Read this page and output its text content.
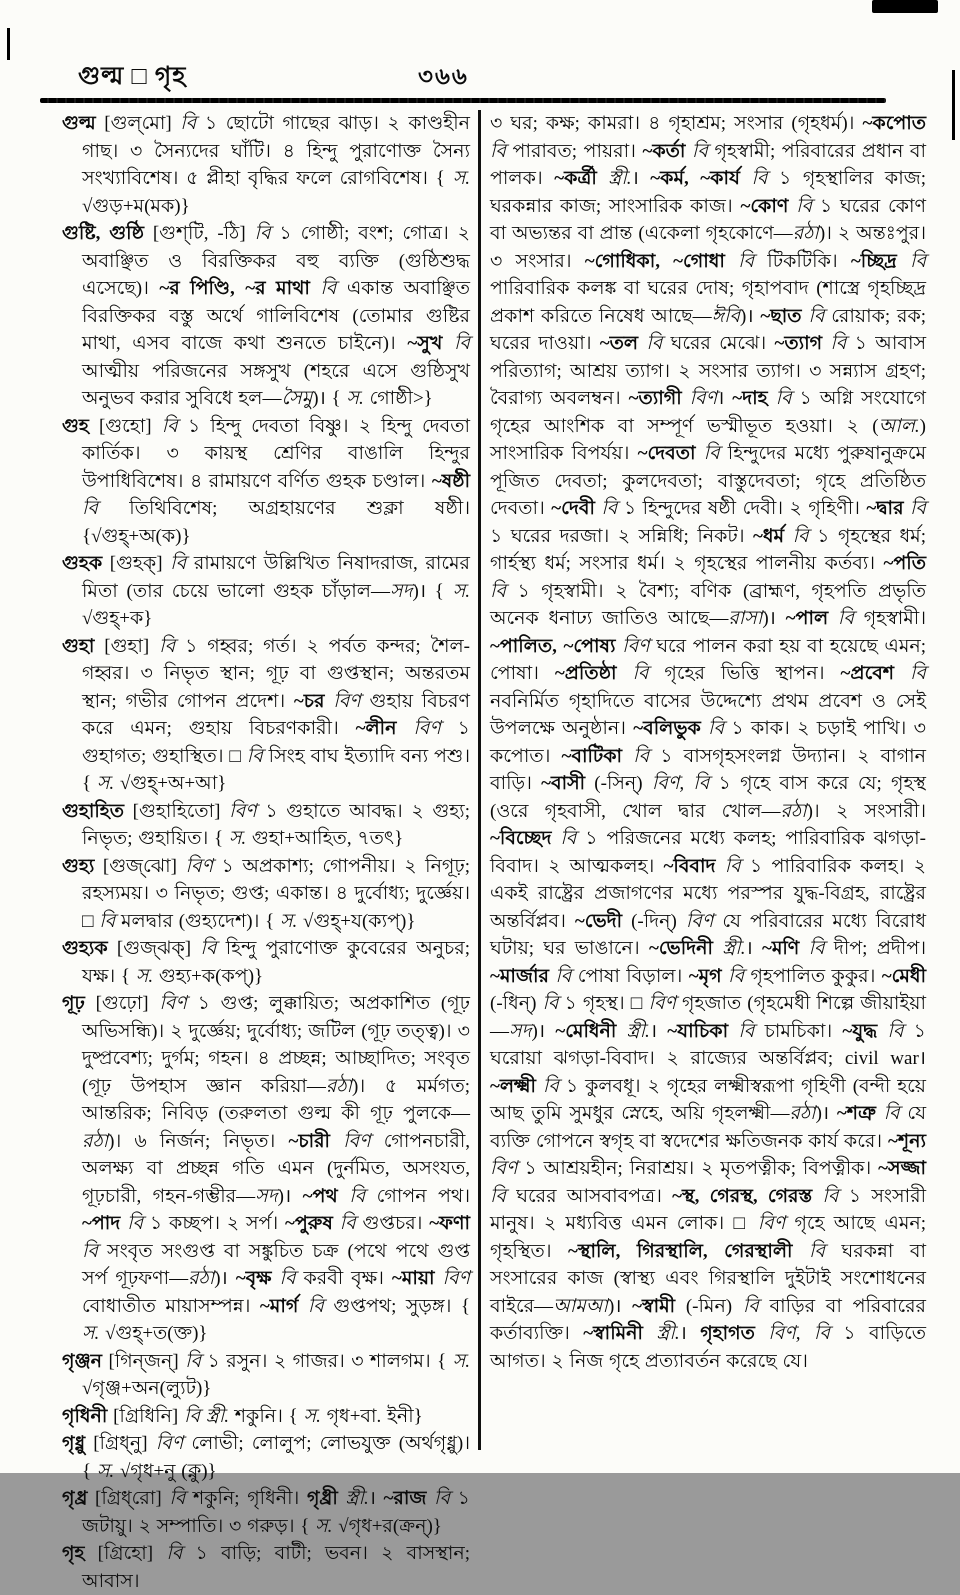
গুল্ম □ গৃহ	৩৬৬

গুল্ম [গুল্‌মো] বি ১ ছোটো গাছের ঝাড়। ২ কাণ্ডহীন গাছ। ৩ সৈন্যদের ঘাঁটি। ৪ হিন্দু পুরাণোক্ত সৈন্য সংখ্যাবিশেষ। ৫ প্লীহা বৃদ্ধির ফলে রোগবিশেষ। { স. √গুড়+ম(মক)}

গুষ্টি, গুষ্ঠি [গুশ্‌টি, -ঠি] বি ১ গোষ্ঠী; বংশ; গোত্র। ২ অবাঞ্ছিত ও বিরক্তিকর বহু ব্যক্তি (গুষ্ঠিশুদ্ধ এসেছে)। ~র পিণ্ডি, ~র মাথা বি একান্ত অবাঞ্ছিত বিরক্তিকর বস্তু অর্থে গালিবিশেষ (তোমার গুষ্টির মাথা, এসব বাজে কথা শুনতে চাইনে)। ~সুখ বি আত্মীয় পরিজনের সঙ্গসুখ (শহরে এসে গুষ্ঠিসুখ অনুভব করার সুবিধে হল—সৈমু)। { স. গোষ্ঠী>}

গুহ [গুহো] বি ১ হিন্দু দেবতা বিষ্ণু। ২ হিন্দু দেবতা কার্তিক। ৩ কায়স্থ শ্রেণির বাঙালি হিন্দুর উপাধিবিশেষ। ৪ রামায়ণে বর্ণিত গুহক চণ্ডাল। ~ষষ্ঠী বি তিথিবিশেষ; অগ্রহায়ণের শুক্লা ষষ্ঠী। {√গুহ্‌+অ(ক)}

গুহক [গুহক্] বি রামায়ণে উল্লিখিত নিষাদরাজ, রামের মিতা (তার চেয়ে ভালো গুহক চাঁড়াল—সদ)। { স. √গুহ্‌+ক}

গুহা [গুহা] বি ১ গহ্বর; গর্ত। ২ পর্বত কন্দর; শৈল-গহ্বর। ৩ নিভৃত স্থান; গূঢ় বা গুপ্তস্থান; অন্তরতম স্থান; গভীর গোপন প্রদেশ। ~চর বিণ গুহায় বিচরণ করে এমন; গুহায় বিচরণকারী। ~লীন বিণ ১ গুহাগত; গুহাস্থিত। □ বি সিংহ বাঘ ইত্যাদি বন্য পশু। { স. √গুহ্‌+অ+আ}

গুহাহিত [গুহাহিতো] বিণ ১ গুহাতে আবদ্ধ। ২ গুহ্য; নিভৃত; গুহায়িত। { স. গুহা+আহিত, ৭তৎ}

গুহ্য [গুজ্‌ঝো] বিণ ১ অপ্রকাশ্য; গোপনীয়। ২ নিগূঢ়; রহস্যময়। ৩ নিভৃত; গুপ্ত; একান্ত। ৪ দুর্বোধ্য; দুর্জ্ঞেয়। □ বি মলদ্বার (গুহ্যদেশ)। { স. √গুহ্‌+য(ক্যপ্)}

গুহ্যক [গুজ্‌ঝক্] বি হিন্দু পুরাণোক্ত কুবেরের অনুচর; যক্ষ। { স. গুহ্য+ক(কপ্)}

গূঢ় [গুঢ়ো] বিণ ১ গুপ্ত; লুক্কায়িত; অপ্রকাশিত (গূঢ় অভিসন্ধি)। ২ দুর্জ্ঞেয়; দুর্বোধ্য; জটিল (গূঢ় তত্ত্ব)। ৩ দুষ্প্রবেশ্য; দুর্গম; গহন। ৪ প্রচ্ছন্ন; আচ্ছাদিত; সংবৃত (গূঢ় উপহাস জ্ঞান করিয়া—রঠা)। ৫ মর্মগত; আন্তরিক; নিবিড় (তরুলতা গুল্ম কী গূঢ় পুলকে—রঠা)। ৬ নির্জন; নিভৃত। ~চারী বিণ গোপনচারী, অলক্ষ্য বা প্রচ্ছন্ন গতি এমন (দুর্নমিত, অসংযত, গূঢ়চারী, গহন-গম্ভীর—সদ)। ~পথ বি গোপন পথ। ~পাদ বি ১ কচ্ছপ। ২ সর্প। ~পুরুষ বি গুপ্তচর। ~ফণা বি সংবৃত সংগুপ্ত বা সঙ্কুচিত চক্র (পথে পথে গুপ্ত সর্প গূঢ়ফণা—রঠা)। ~বৃক্ষ বি করবী বৃক্ষ। ~মায়া বিণ বোধাতীত মায়াসম্পন্ন। ~মার্গ বি গুপ্তপথ; সুড়ঙ্গ। { স. √গুহ্‌+ত(ক্ত)}

গৃঞ্জন [গিন্‌জন্] বি ১ রসুন। ২ গাজর। ৩ শালগম। { স. √গৃঞ্জ+অন(ল্যুট)}

গৃধিনী [গ্রিধিনি] বি স্ত্রী. শকুনি। { স. গৃধ+বা. ইনী}

গৃধ্নু [গ্রিধ্‌নু] বিণ লোভী; লোলুপ; লোভযুক্ত (অর্থগৃধ্নু)। { স. √গৃধ+নু (ক্নু)}

গৃধ্র [গ্রিধ্‌রো] বি শকুনি; গৃধিনী। গৃধ্রী স্ত্রী.। ~রাজ বি ১ জটায়ু। ২ সম্পাতি। ৩ গরুড়। { স. √গৃধ+র(ক্রন্)}

গৃহ [গ্রিহো] বি ১ বাড়ি; বাটী; ভবন। ২ বাসস্থান; আবাস।

৩ ঘর; কক্ষ; কামরা। ৪ গৃহাশ্রম; সংসার (গৃহধর্ম)। ~কপোত বি পারাবত; পায়রা। ~কর্তা বি গৃহস্বামী; পরিবারের প্রধান বা পালক। ~কর্ত্রী স্ত্রী.। ~কর্ম, ~কার্য বি ১ গৃহস্থালির কাজ; ঘরকন্নার কাজ; সাংসারিক কাজ। ~কোণ বি ১ ঘরের কোণ বা অভ্যন্তর বা প্রান্ত (একেলা গৃহকোণে—রঠা)। ২ অন্তঃপুর। ৩ সংসার। ~গোধিকা, ~গোধা বি টিকটিকি। ~চ্ছিদ্র বি পারিবারিক কলঙ্ক বা ঘরের দোষ; গৃহাপবাদ (শাস্ত্রে গৃহচ্ছিদ্র প্রকাশ করিতে নিষেধ আছে—ঈবি)। ~ছাত বি রোয়াক; রক; ঘরের দাওয়া। ~তল বি ঘরের মেঝে। ~ত্যাগ বি ১ আবাস পরিত্যাগ; আশ্রয় ত্যাগ। ২ সংসার ত্যাগ। ৩ সন্ন্যাস গ্রহণ; বৈরাগ্য অবলম্বন। ~ত্যাগী বিণ। ~দাহ বি ১ অগ্নি সংযোগে গৃহের আংশিক বা সম্পূর্ণ ভস্মীভূত হওয়া। ২ (আল.) সাংসারিক বিপর্যয়। ~দেবতা বি হিন্দুদের মধ্যে পুরুষানুক্রমে পূজিত দেবতা; কুলদেবতা; বাস্তুদেবতা; গৃহে প্রতিষ্ঠিত দেবতা। ~দেবী বি ১ হিন্দুদের ষষ্ঠী দেবী। ২ গৃহিণী। ~দ্বার বি ১ ঘরের দরজা। ২ সন্নিধি; নিকট। ~ধর্ম বি ১ গৃহস্থের ধর্ম; গার্হস্থ্য ধর্ম; সংসার ধর্ম। ২ গৃহস্থের পালনীয় কর্তব্য। ~পতি বি ১ গৃহস্বামী। ২ বৈশ্য; বণিক (ব্রাহ্মণ, গৃহপতি প্রভৃতি অনেক ধনাঢ্য জাতিও আছে—রাসা)। ~পাল বি গৃহস্বামী। ~পালিত, ~পোষ্য বিণ ঘরে পালন করা হয় বা হয়েছে এমন; পোষা। ~প্রতিষ্ঠা বি গৃহের ভিত্তি স্থাপন। ~প্রবেশ বি নবনির্মিত গৃহাদিতে বাসের উদ্দেশ্যে প্রথম প্রবেশ ও সেই উপলক্ষে অনুষ্ঠান। ~বলিভুক বি ১ কাক। ২ চড়াই পাখি। ৩ কপোত। ~বাটিকা বি ১ বাসগৃহসংলগ্ন উদ্যান। ২ বাগান বাড়ি। ~বাসী (-সিন্) বিণ, বি ১ গৃহে বাস করে যে; গৃহস্থ (ওরে গৃহবাসী, খোল দ্বার খোল—রঠা)। ২ সংসারী। ~বিচ্ছেদ বি ১ পরিজনের মধ্যে কলহ; পারিবারিক ঝগড়া-বিবাদ। ২ আত্মকলহ। ~বিবাদ বি ১ পারিবারিক কলহ। ২ একই রাষ্ট্রের প্রজাগণের মধ্যে পরস্পর যুদ্ধ-বিগ্রহ, রাষ্ট্রের অন্তর্বিপ্লব। ~ভেদী (-দিন্) বিণ যে পরিবারের মধ্যে বিরোধ ঘটায়; ঘর ভাঙানে। ~ভেদিনী স্ত্রী.। ~মণি বি দীপ; প্রদীপ। ~মার্জার বি পোষা বিড়াল। ~মৃগ বি গৃহপালিত কুকুর। ~মেধী (-ধিন্) বি ১ গৃহস্থ। □ বিণ গৃহজাত (গৃহমেধী শিল্পে জীয়াইয়া—সদ)। ~মেধিনী স্ত্রী.। ~যাচিকা বি চামচিকা। ~যুদ্ধ বি ১ ঘরোয়া ঝগড়া-বিবাদ। ২ রাজ্যের অন্তর্বিপ্লব; civil war। ~লক্ষ্মী বি ১ কুলবধূ। ২ গৃহের লক্ষ্মীস্বরূপা গৃহিণী (বন্দী হয়ে আছ তুমি সুমধুর স্নেহে, অয়ি গৃহলক্ষ্মী—রঠা)। ~শত্রু বি যে ব্যক্তি গোপনে স্বগৃহ বা স্বদেশের ক্ষতিজনক কার্য করে। ~শূন্য বিণ ১ আশ্রয়হীন; নিরাশ্রয়। ২ মৃতপত্নীক; বিপত্নীক। ~সজ্জা বি ঘরের আসবাবপত্র। ~স্থ, গেরস্থ, গেরস্ত বি ১ সংসারী মানুষ। ২ মধ্যবিত্ত এমন লোক। □ বিণ গৃহে আছে এমন; গৃহস্থিত। ~স্থালি, গিরস্থালি, গেরস্থালী বি ঘরকন্না বা সংসারের কাজ (স্বাস্থ্য এবং গিরস্থালি দুইটাই সংশোধনের বাইরে—আমআ)। ~স্বামী (-মিন) বি বাড়ির বা পরিবারের কর্তাব্যক্তি। ~স্বামিনী স্ত্রী.। গৃহাগত বিণ, বি ১ বাড়িতে আগত। ২ নিজ গৃহে প্রত্যাবর্তন করেছে যে।
